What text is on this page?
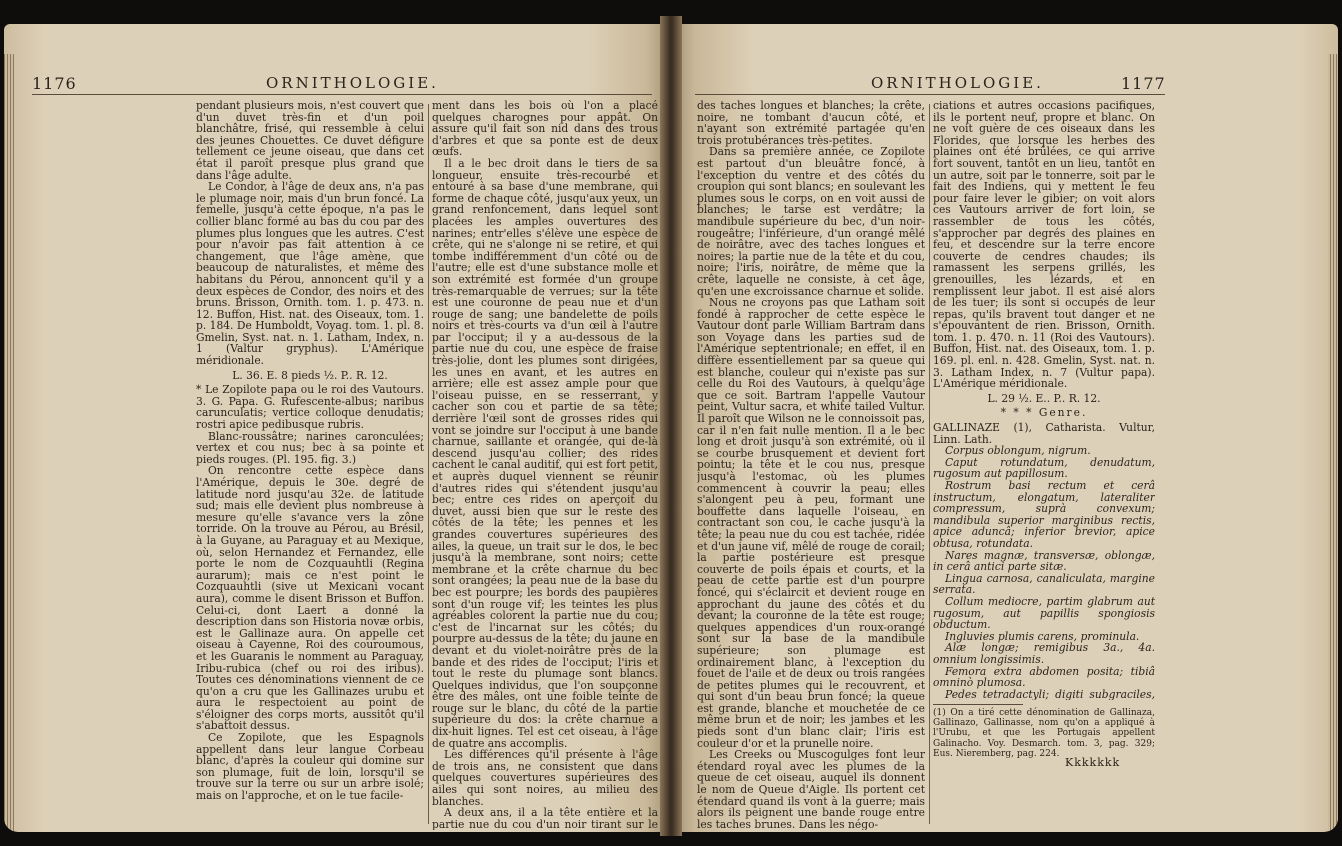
1176	ORNITHOLOGIE.

pendant plusieurs mois, n'est couvert que d'un duvet très-fin et d'un poil blanchâtre, frisé, qui ressemble à celui des jeunes Chouettes. Ce duvet défigure tellement ce jeune oiseau, que dans cet état il paroît presque plus grand que dans l'âge adulte.

Le Condor, à l'âge de deux ans, n'a pas le plumage noir, mais d'un brun foncé. La femelle, jusqu'à cette époque, n'a pas le collier blanc formé au bas du cou par des plumes plus longues que les autres. C'est pour n'avoir pas fait attention à ce changement, que l'âge amène, que beaucoup de naturalistes, et même des habitans du Pérou, annoncent qu'il y a deux espèces de Condor, des noirs et des bruns. Brisson, Ornith. tom. 1. p. 473. n. 12. Buffon, Hist. nat. des Oiseaux, tom. 1. p. 184. De Humboldt, Voyag. tom. 1. pl. 8. Gmelin, Syst. nat. n. 1. Latham, Index, n. 1 (Valtur gryphus). L'Amérique méridionale.

L. 36. E. 8 pieds ½. P.. R. 12.

* Le Zopilote papa ou le roi des Vautours. 3. G. Papa. G. Rufescente-albus; naribus carunculatis; vertice colloque denudatis; rostri apice pedibusque rubris.

Blanc-roussâtre; narines caronculées; vertex et cou nus; bec à sa pointe et pieds rouges. (Pl. 195. fig. 3.)

On rencontre cette espèce dans l'Amérique, depuis le 30e. degré de latitude nord jusqu'au 32e. de latitude sud; mais elle devient plus nombreuse à mesure qu'elle s'avance vers la zône torride. On la trouve au Pérou, au Brésil, à la Guyane, au Paraguay et au Mexique, où, selon Hernandez et Fernandez, elle porte le nom de Cozquauhtli (Regina aurarum); mais ce n'est point le Cozquauhtli (sive ut Mexicani vocant aura), comme le disent Brisson et Buffon. Celui-ci, dont Laert a donné la description dans son Historia novæ orbis, est le Gallinaze aura. On appelle cet oiseau à Cayenne, Roi des couroumous, et les Guaranis le nomment au Paraguay, Iribu-rubica (chef ou roi des iribus). Toutes ces dénominations viennent de ce qu'on a cru que les Gallinazes urubu et aura le respectoient au point de s'éloigner des corps morts, aussitôt qu'il s'abattoit dessus.

Ce Zopilote, que les Espagnols appellent dans leur langue Corbeau blanc, d'après la couleur qui domine sur son plumage, fuit de loin, lorsqu'il se trouve sur la terre ou sur un arbre isolé; mais on l'approche, et on le tue facile-

ment dans les bois où l'on a placé quelques charognes pour appât. On assure qu'il fait son nid dans des trous d'arbres et que sa ponte est de deux œufs.

Il a le bec droit dans le tiers de sa longueur, ensuite très-recourbé et entouré à sa base d'une membrane, qui forme de chaque côté, jusqu'aux yeux, un grand renfoncement, dans lequel sont placées les amples ouvertures des narines; entr'elles s'élève une espèce de crête, qui ne s'alonge ni se retire, et qui tombe indifféremment d'un côté ou de l'autre; elle est d'une substance molle et son extrémité est formée d'un groupe très-remarquable de verrues; sur la tête est une couronne de peau nue et d'un rouge de sang; une bandelette de poils noirs et très-courts va d'un œil à l'autre par l'occiput; il y a au-dessous de la partie nue du cou, une espèce de fraise très-jolie, dont les plumes sont dirigées, les unes en avant, et les autres en arrière; elle est assez ample pour que l'oiseau puisse, en se resserrant, y cacher son cou et partie de sa tête; derrière l'œil sont de grosses rides qui vont se joindre sur l'occiput à une bande charnue, saillante et orangée, qui de-là descend jusqu'au collier; des rides cachent le canal auditif, qui est fort petit, et auprès duquel viennent se réunir d'autres rides qui s'étendent jusqu'au bec; entre ces rides on aperçoit du duvet, aussi bien que sur le reste des côtés de la tête; les pennes et les grandes couvertures supérieures des ailes, la queue, un trait sur le dos, le bec jusqu'à la membrane, sont noirs; cette membrane et la crête charnue du bec sont orangées; la peau nue de la base du bec est pourpre; les bords des paupières sont d'un rouge vif; les teintes les plus agréables colorent la partie nue du cou; c'est de l'incarnat sur les côtés; du pourpre au-dessus de la tête; du jaune en devant et du violet-noirâtre près de la bande et des rides de l'occiput; l'iris et tout le reste du plumage sont blancs. Quelques individus, que l'on soupçonne être des mâles, ont une foible teinte de rouge sur le blanc, du côté de la partie supérieure du dos: la crête charnue a dix-huit lignes. Tel est cet oiseau, à l'âge de quatre ans accomplis.

Les différences qu'il présente à l'âge de trois ans, ne consistent que dans quelques couvertures supérieures des ailes qui sont noires, au milieu des blanches.

A deux ans, il a la tête entière et la partie nue du cou d'un noir tirant sur le

ORNITHOLOGIE.	1177

des taches longues et blanches; la crête, noire, ne tombant d'aucun côté, et n'ayant son extrémité partagée qu'en trois protubérances très-petites.

Dans sa première année, ce Zopilote est partout d'un bleuâtre foncé, à l'exception du ventre et des côtés du croupion qui sont blancs; en soulevant les plumes sous le corps, on en voit aussi de blanches; le tarse est verdâtre; la mandibule supérieure du bec, d'un noir-rougeâtre; l'inférieure, d'un orangé mêlé de noirâtre, avec des taches longues et noires; la partie nue de la tête et du cou, noire; l'iris, noirâtre, de même que la crête, laquelle ne consiste, à cet âge, qu'en une excroissance charnue et solide.

Nous ne croyons pas que Latham soit fondé à rapprocher de cette espèce le Vautour dont parle William Bartram dans son Voyage dans les parties sud de l'Amérique septentrionale; en effet, il en diffère essentiellement par sa queue qui est blanche, couleur qui n'existe pas sur celle du Roi des Vautours, à quelqu'âge que ce soit. Bartram l'appelle Vautour peint, Vultur sacra, et white tailed Vultur. Il paroît que Wilson ne le connoissoit pas, car il n'en fait nulle mention. Il a le bec long et droit jusqu'à son extrémité, où il se courbe brusquement et devient fort pointu; la tête et le cou nus, presque jusqu'à l'estomac, où les plumes commencent à couvrir la peau; elles s'alongent peu à peu, formant une bouffette dans laquelle l'oiseau, en contractant son cou, le cache jusqu'à la tête; la peau nue du cou est tachée, ridée et d'un jaune vif, mêlé de rouge de corail; la partie postérieure est presque couverte de poils épais et courts, et la peau de cette partie est d'un pourpre foncé, qui s'éclaircit et devient rouge en approchant du jaune des côtés et du devant; la couronne de la tête est rouge; quelques appendices d'un roux-orangé sont sur la base de la mandibule supérieure; son plumage est ordinairement blanc, à l'exception du fouet de l'aile et de deux ou trois rangées de petites plumes qui le recouvrent, et qui sont d'un beau brun foncé; la queue est grande, blanche et mouchetée de ce même brun et de noir; les jambes et les pieds sont d'un blanc clair; l'iris est couleur d'or et la prunelle noire.

Les Creeks ou Muscogulges font leur étendard royal avec les plumes de la queue de cet oiseau, auquel ils donnent le nom de Queue d'Aigle. Ils portent cet étendard quand ils vont à la guerre; mais alors ils peignent une bande rouge entre les taches brunes. Dans les négo-

ciations et autres occasions pacifiques, ils le portent neuf, propre et blanc. On ne voit guère de ces oiseaux dans les Florides, que lorsque les herbes des plaines ont été brûlées, ce qui arrive fort souvent, tantôt en un lieu, tantôt en un autre, soit par le tonnerre, soit par le fait des Indiens, qui y mettent le feu pour faire lever le gibier; on voit alors ces Vautours arriver de fort loin, se rassembler de tous les côtés, s'approcher par degrés des plaines en feu, et descendre sur la terre encore couverte de cendres chaudes; ils ramassent les serpens grillés, les grenouilles, les lézards, et en remplissent leur jabot. Il est aisé alors de les tuer; ils sont si occupés de leur repas, qu'ils bravent tout danger et ne s'épouvantent de rien. Brisson, Ornith. tom. 1. p. 470. n. 11 (Roi des Vautours). Buffon, Hist. nat. des Oiseaux, tom. 1. p. 169. pl. enl. n. 428. Gmelin, Syst. nat. n. 3. Latham Index, n. 7 (Vultur papa). L'Amérique méridionale.

L. 29 ½. E.. P.. R. 12.

* * * Genre.

GALLINAZE (1), Catharista. Vultur, Linn. Lath.

Corpus oblongum, nigrum.

Caput rotundatum, denudatum, rugosum aut papillosum.

Rostrum basi rectum et cerâ instructum, elongatum, lateraliter compressum, suprà convexum; mandibula superior marginibus rectis, apice aduncâ; inferior brevior, apice obtusa, rotundata.

Nares magnæ, transversæ, oblongæ, in cerâ antici parte sitæ.

Lingua carnosa, canaliculata, margine serrata.

Collum mediocre, partim glabrum aut rugosum, aut papillis spongiosis obductum.

Ingluvies plumis carens, prominula.

Alæ longæ; remigibus 3a., 4a. omnium longissimis.

Femora extra abdomen posita; tibiâ omninò plumosa.

Pedes tetradactyli; digiti subgraciles,

(1) On a tiré cette dénomination de Gallinaza, Gallinazo, Gallinasse, nom qu'on a appliqué à l'Urubu, et que les Portugais appellent Galinacho. Voy. Desmarch. tom. 3, pag. 329; Eus. Nieremberg, pag. 224.
Kkkkkkk
